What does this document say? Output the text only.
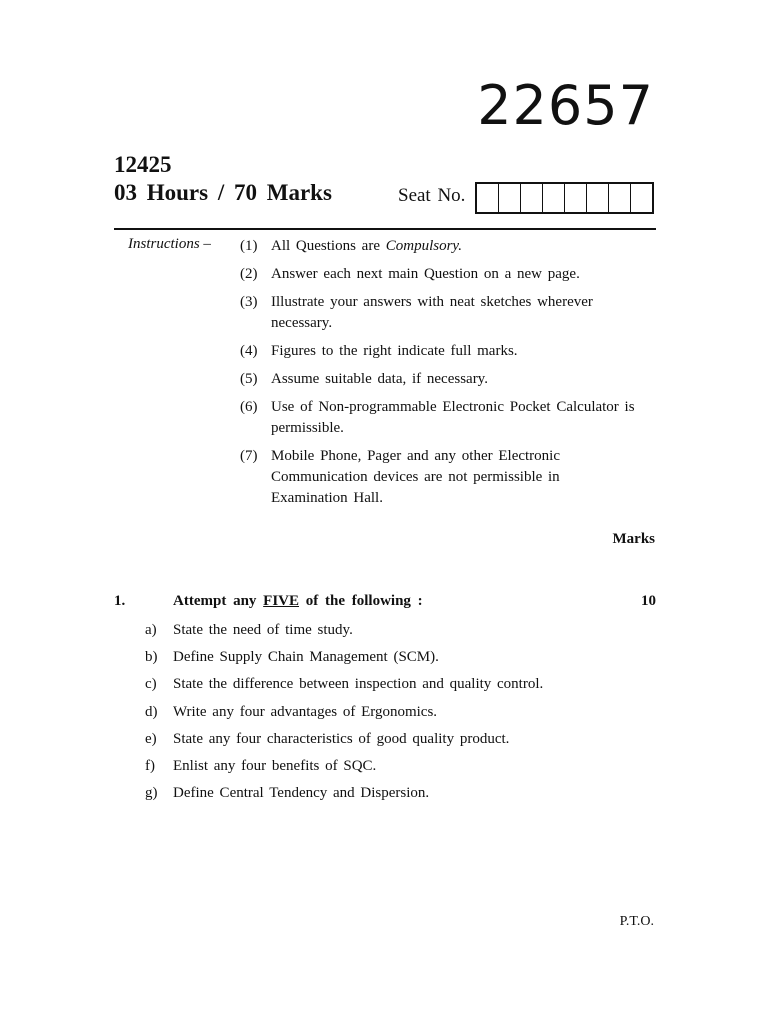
22657
12425
03 Hours / 70 Marks	Seat No.
Instructions – (1) All Questions are Compulsory.
(2) Answer each next main Question on a new page.
(3) Illustrate your answers with neat sketches wherever necessary.
(4) Figures to the right indicate full marks.
(5) Assume suitable data, if necessary.
(6) Use of Non-programmable Electronic Pocket Calculator is permissible.
(7) Mobile Phone, Pager and any other Electronic Communication devices are not permissible in Examination Hall.
Marks
1.	Attempt any FIVE of the following :	10
a)	State the need of time study.
b)	Define Supply Chain Management (SCM).
c)	State the difference between inspection and quality control.
d)	Write any four advantages of Ergonomics.
e)	State any four characteristics of good quality product.
f)	Enlist any four benefits of SQC.
g)	Define Central Tendency and Dispersion.
P.T.O.
